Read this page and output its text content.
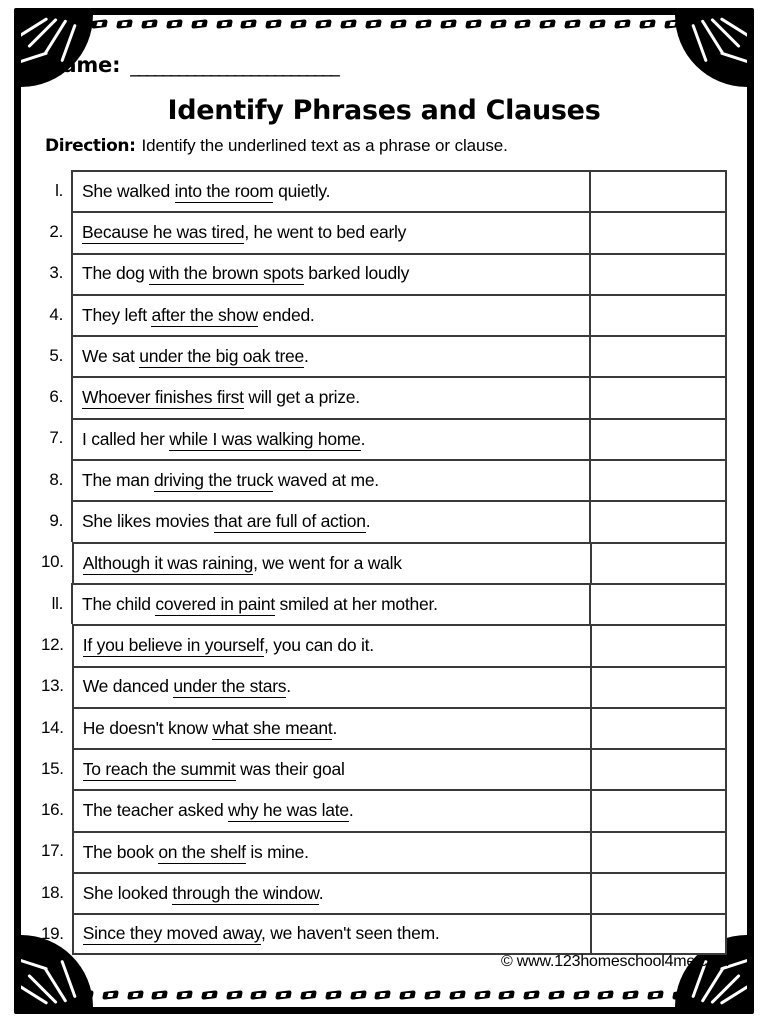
Name: __________________________
Identify Phrases and Clauses
Direction: Identify the underlined text as a phrase or clause.
l.	She walked into the room quietly.
2.	Because he was tired, he went to bed early
3.	The dog with the brown spots barked loudly
4.	They left after the show ended.
5.	We sat under the big oak tree.
6.	Whoever finishes first will get a prize.
7.	I called her while I was walking home.
8.	The man driving the truck waved at me.
9.	She likes movies that are full of action.
10.	Although it was raining, we went for a walk
ll.	The child covered in paint smiled at her mother.
12.	If you believe in yourself, you can do it.
13.	We danced under the stars.
14.	He doesn't know what she meant.
15.	To reach the summit was their goal
16.	The teacher asked why he was late.
17.	The book on the shelf is mine.
18.	She looked through the window.
19.	Since they moved away, we haven't seen them.
© www.123homeschool4me.com
